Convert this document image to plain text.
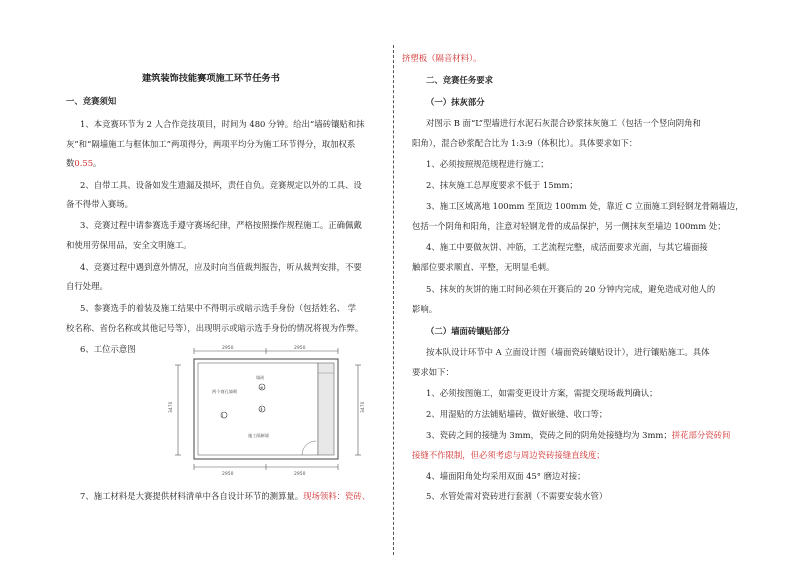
建筑装饰技能赛项施工环节任务书
一、竞赛须知
1、本竞赛环节为 2 人合作竞技项目，时间为 480 分钟。给出“墙砖镶贴和抹
灰”和“隔墙施工与框体加工”两项得分，两项平均分为施工环节得分，取加权系
数0.55。
2、自带工具、设备如发生遗漏及损坏，责任自负。竞赛规定以外的工具、设
备不得带入赛场。
3、竞赛过程中请参赛选手遵守赛场纪律，严格按照操作规程施工。正确佩戴
和使用劳保用品，安全文明施工。
4、竞赛过程中遇到意外情况，应及时向当值裁判报告，听从裁判安排，不要
自行处理。
5、参赛选手的着装及施工结果中不得明示或暗示选手身份（包括姓名、 学
校名称、省份名称或其他记号等），出现明示或暗示选手身份的情况将视为作弊。
6、工位示意图
7、施工材料是大赛提供材料清单中各自设计环节的测算量。现场领料：瓷砖、
2950	2950
2950	2950
3470	3470
⊕
Ⅱ
Ⅰ
两个商孔墙砌
墙砖
施工隔断墙
挤塑板（隔音材料）。
二、竞赛任务要求
（一）抹灰部分
对图示 B 面“L”型墙进行水泥石灰混合砂浆抹灰施工（包括一个竖向阴角和
阳角），混合砂浆配合比为 1:3:9（体积比）。具体要求如下：
1、必须按照规范规程进行施工；
2、抹灰施工总厚度要求不低于 15mm；
3、施工区域离地 100mm 至顶边 100mm 处，靠近 C 立面施工到轻钢龙骨隔墙边，
包括一个阴角和阳角，注意对轻钢龙骨的成品保护，另一侧抹灰至墙边 100mm 处；
4、施工中要做灰饼、冲筋，工艺流程完整，成活面要求光面，与其它墙面接
触部位要求顺直、平整，无明显毛刺。
5、抹灰的灰饼的施工时间必须在开赛后的 20 分钟内完成，避免造成对他人的
影响。
（二）墙面砖镶贴部分
按本队设计环节中 A 立面设计图（墙面瓷砖镶贴设计），进行镶贴施工。具体
要求如下：
1、必须按图施工，如需变更设计方案，需提交现场裁判确认；
2、用湿贴的方法铺贴墙砖，做好嵌缝、收口等；
3、瓷砖之间的接缝为 3mm，瓷砖之间的阴角处接缝均为 3mm；拼花部分瓷砖间
接缝不作限制，但必须考虑与周边瓷砖接缝直线度；
4、墙面阳角处均采用双面 45° 磨边对接；
5、水管处需对瓷砖进行套割（不需要安装水管）
